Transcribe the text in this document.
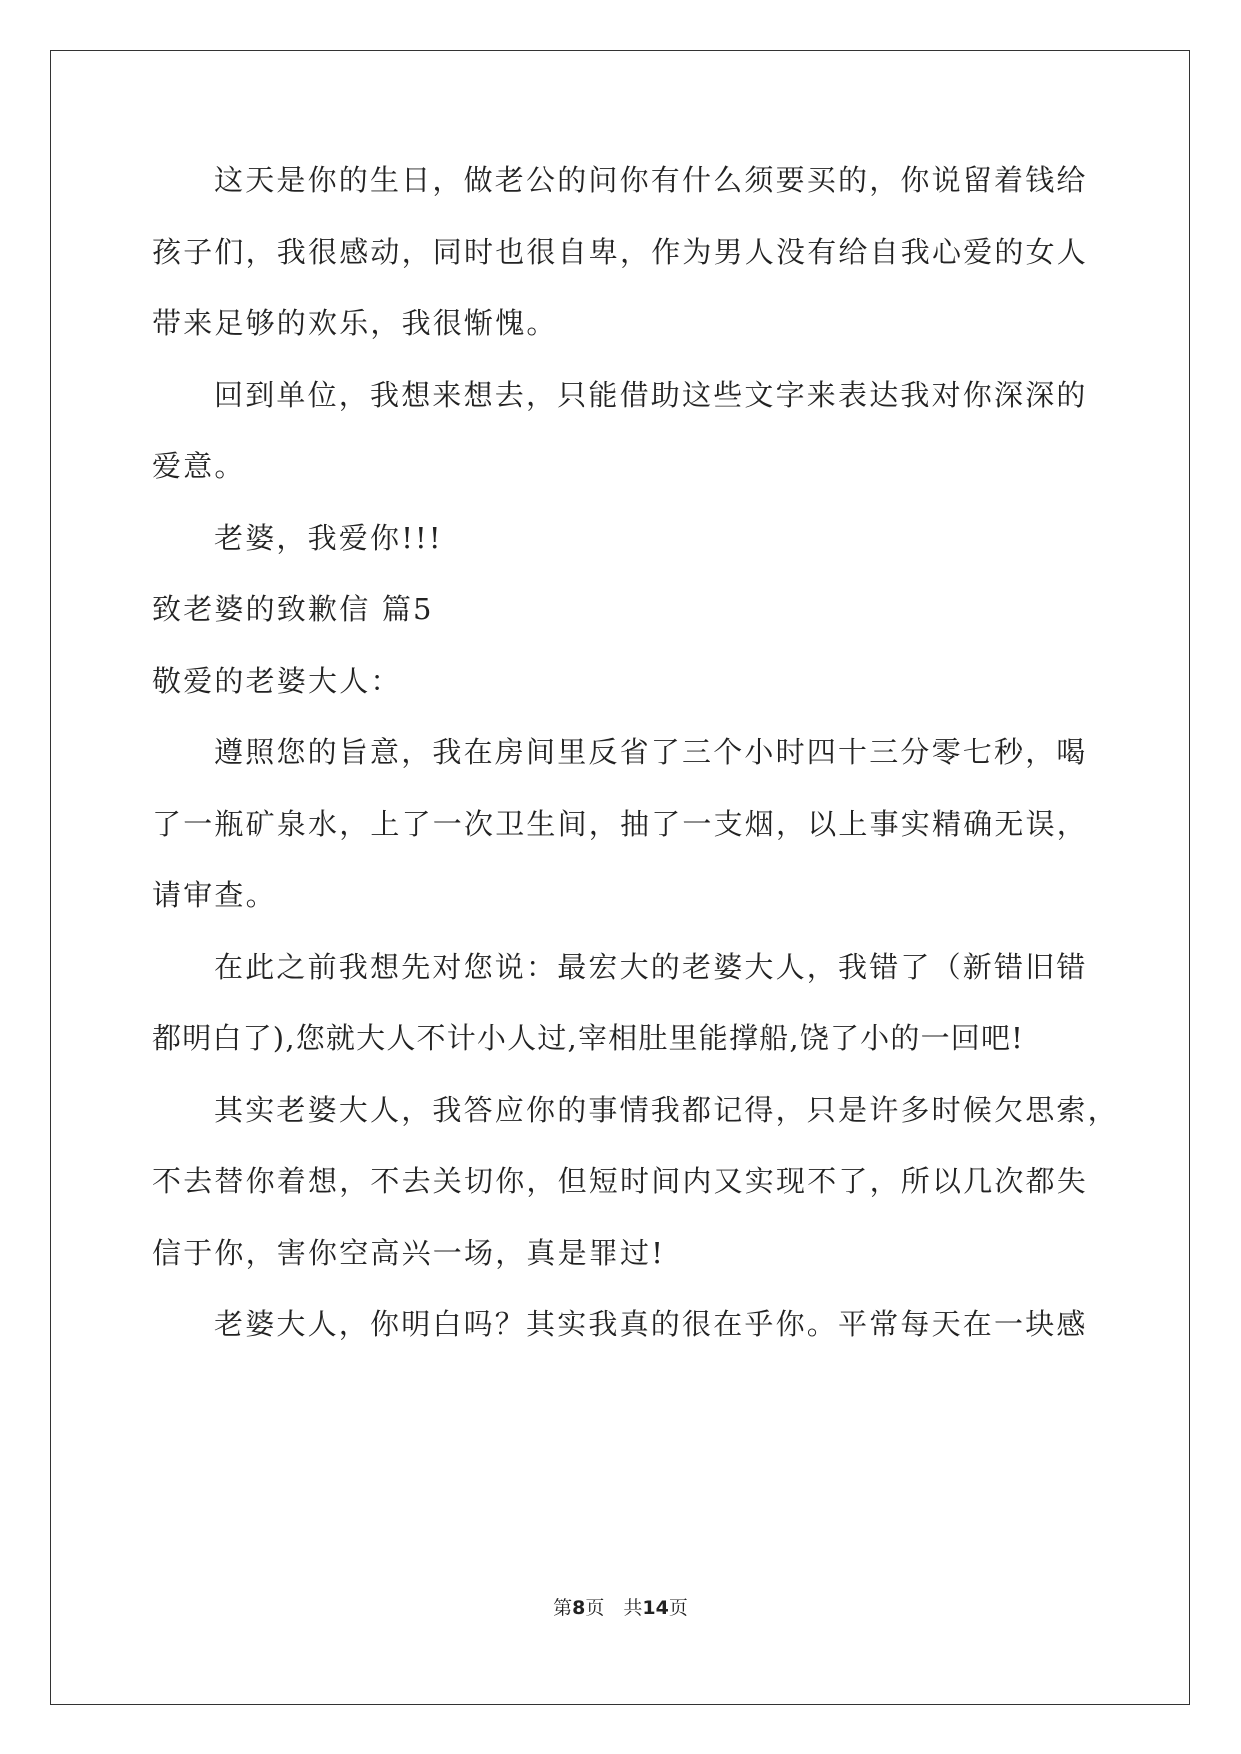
这天是你的生日，做老公的问你有什么须要买的，你说留着钱给
孩子们，我很感动，同时也很自卑，作为男人没有给自我心爱的女人
带来足够的欢乐，我很惭愧。
回到单位，我想来想去，只能借助这些文字来表达我对你深深的
爱意。
老婆，我爱你!!!
致老婆的致歉信 篇5
敬爱的老婆大人：
遵照您的旨意，我在房间里反省了三个小时四十三分零七秒，喝
了一瓶矿泉水，上了一次卫生间，抽了一支烟，以上事实精确无误，
请审查。
在此之前我想先对您说：最宏大的老婆大人，我错了（新错旧错
都明白了),您就大人不计小人过,宰相肚里能撑船,饶了小的一回吧!
其实老婆大人，我答应你的事情我都记得，只是许多时候欠思索，
不去替你着想，不去关切你，但短时间内又实现不了，所以几次都失
信于你，害你空高兴一场，真是罪过!
老婆大人，你明白吗？其实我真的很在乎你。平常每天在一块感
第8页　共14页
